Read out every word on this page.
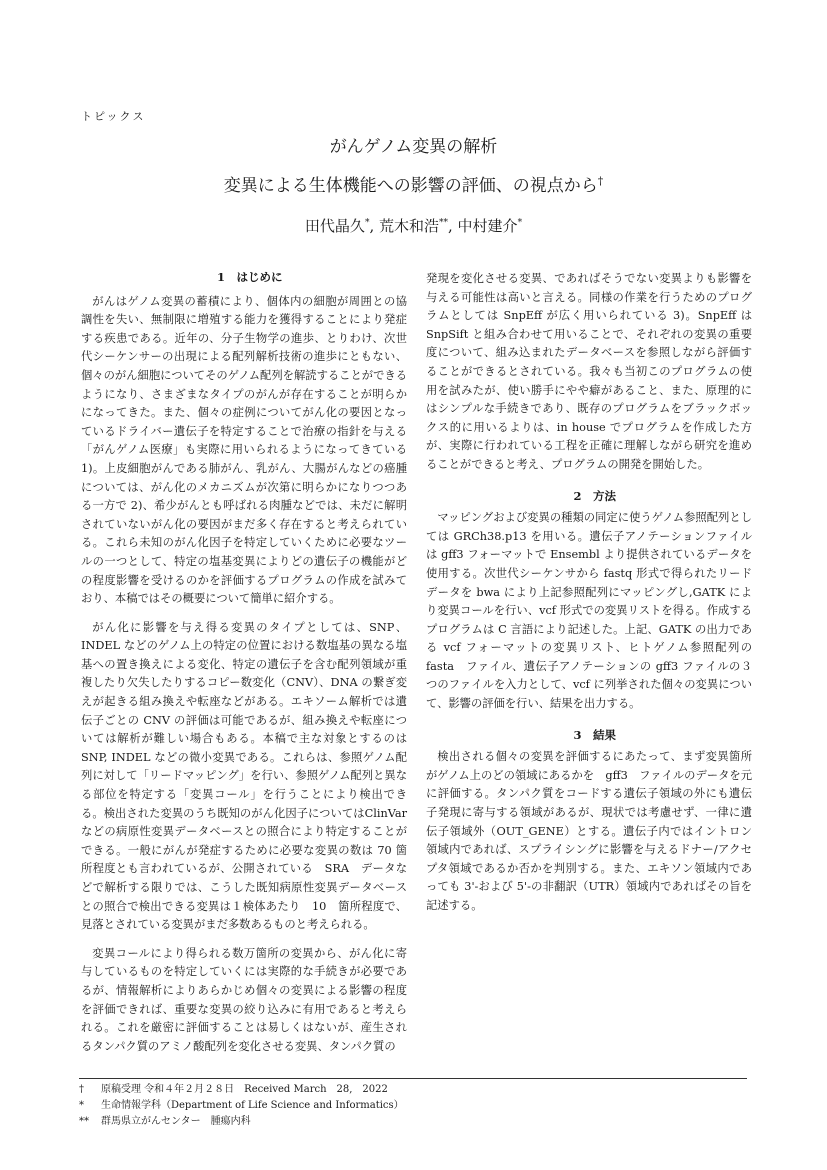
トピックス
がんゲノム変異の解析
変異による生体機能への影響の評価、の視点から†
田代晶久*, 荒木和浩**, 中村建介*

1　はじめに

がんはゲノム変異の蓄積により、個体内の細胞が周囲との協調性を失い、無制限に増殖する能力を獲得することにより発症する疾患である。近年の、分子生物学の進歩、とりわけ、次世代シーケンサーの出現による配列解析技術の進歩にともない、個々のがん細胞についてそのゲノム配列を解読することができるようになり、さまざまなタイプのがんが存在することが明らかになってきた。また、個々の症例についてがん化の要因となっているドライバー遺伝子を特定することで治療の指針を与える「がんゲノム医療」も実際に用いられるようになってきている 1)。上皮細胞がんである肺がん、乳がん、大腸がんなどの癌腫については、がん化のメカニズムが次第に明らかになりつつある一方で 2)、希少がんとも呼ばれる肉腫などでは、未だに解明されていないがん化の要因がまだ多く存在すると考えられている。これら未知のがん化因子を特定していくために必要なツールの一つとして、特定の塩基変異によりどの遺伝子の機能がどの程度影響を受けるのかを評価するプログラムの作成を試みており、本稿ではその概要について簡単に紹介する。

がん化に影響を与え得る変異のタイプとしては、SNP、INDEL などのゲノム上の特定の位置における数塩基の異なる塩基への置き換えによる変化、特定の遺伝子を含む配列領域が重複したり欠失したりするコピー数変化（CNV）、DNA の繋ぎ変えが起きる組み換えや転座などがある。エキソーム解析では遺伝子ごとの CNV の評価は可能であるが、組み換えや転座については解析が難しい場合もある。本稿で主な対象とするのは SNP, INDEL などの微小変異である。これらは、参照ゲノム配列に対して「リードマッピング」を行い、参照ゲノム配列と異なる部位を特定する「変異コール」を行うことにより検出できる。検出された変異のうち既知のがん化因子についてはClinVar などの病原性変異データベースとの照合により特定することができる。一般にがんが発症するために必要な変異の数は 70 箇所程度とも言われているが、公開されている　SRA　データなどで解析する限りでは、こうした既知病原性変異データベースとの照合で検出できる変異は１検体あたり　10　箇所程度で、見落とされている変異がまだ多数あるものと考えられる。

変異コールにより得られる数万箇所の変異から、がん化に寄与しているものを特定していくには実際的な手続きが必要であるが、情報解析によりあらかじめ個々の変異による影響の程度を評価できれば、重要な変異の絞り込みに有用であると考えられる。これを厳密に評価することは易しくはないが、産生されるタンパク質のアミノ酸配列を変化させる変異、タンパク質の

発現を変化させる変異、であればそうでない変異よりも影響を与える可能性は高いと言える。同様の作業を行うためのプログラムとしては SnpEff が広く用いられている 3)。SnpEff は SnpSift と組み合わせて用いることで、それぞれの変異の重要度について、組み込まれたデータベースを参照しながら評価することができるとされている。我々も当初このプログラムの使用を試みたが、使い勝手にやや癖があること、また、原理的にはシンプルな手続きであり、既存のプログラムをブラックボックス的に用いるよりは、in house でプログラムを作成した方が、実際に行われている工程を正確に理解しながら研究を進めることができると考え、プログラムの開発を開始した。

2　方法

マッピングおよび変異の種類の同定に使うゲノム参照配列としては GRCh38.p13 を用いる。遺伝子アノテーションファイルは gff3 フォーマットで Ensembl より提供されているデータを使用する。次世代シーケンサから fastq 形式で得られたリードデータを bwa により上記参照配列にマッピングし,GATK により変異コールを行い、vcf 形式での変異リストを得る。作成するプログラムは C 言語により記述した。上記、GATK の出力である vcf フォーマットの変異リスト、ヒトゲノム参照配列の　fasta　ファイル、遺伝子アノテーションの gff3 ファイルの３つのファイルを入力として、vcf に列挙された個々の変異について、影響の評価を行い、結果を出力する。

3　結果

検出される個々の変異を評価するにあたって、まず変異箇所がゲノム上のどの領域にあるかを　gff3　ファイルのデータを元に評価する。タンパク質をコードする遺伝子領域の外にも遺伝子発現に寄与する領域があるが、現状では考慮せず、一律に遺伝子領域外（OUT_GENE）とする。遺伝子内ではイントロン領域内であれば、スプライシングに影響を与えるドナー/アクセプタ領域であるか否かを判別する。また、エキソン領域内であっても 3'-および 5'-の非翻訳（UTR）領域内であればその旨を記述する。

† 原稿受理 令和４年２月２８日　Received March　28,　2022
* 生命情報学科（Department of Life Science and Informatics）
** 群馬県立がんセンター　腫瘍内科
